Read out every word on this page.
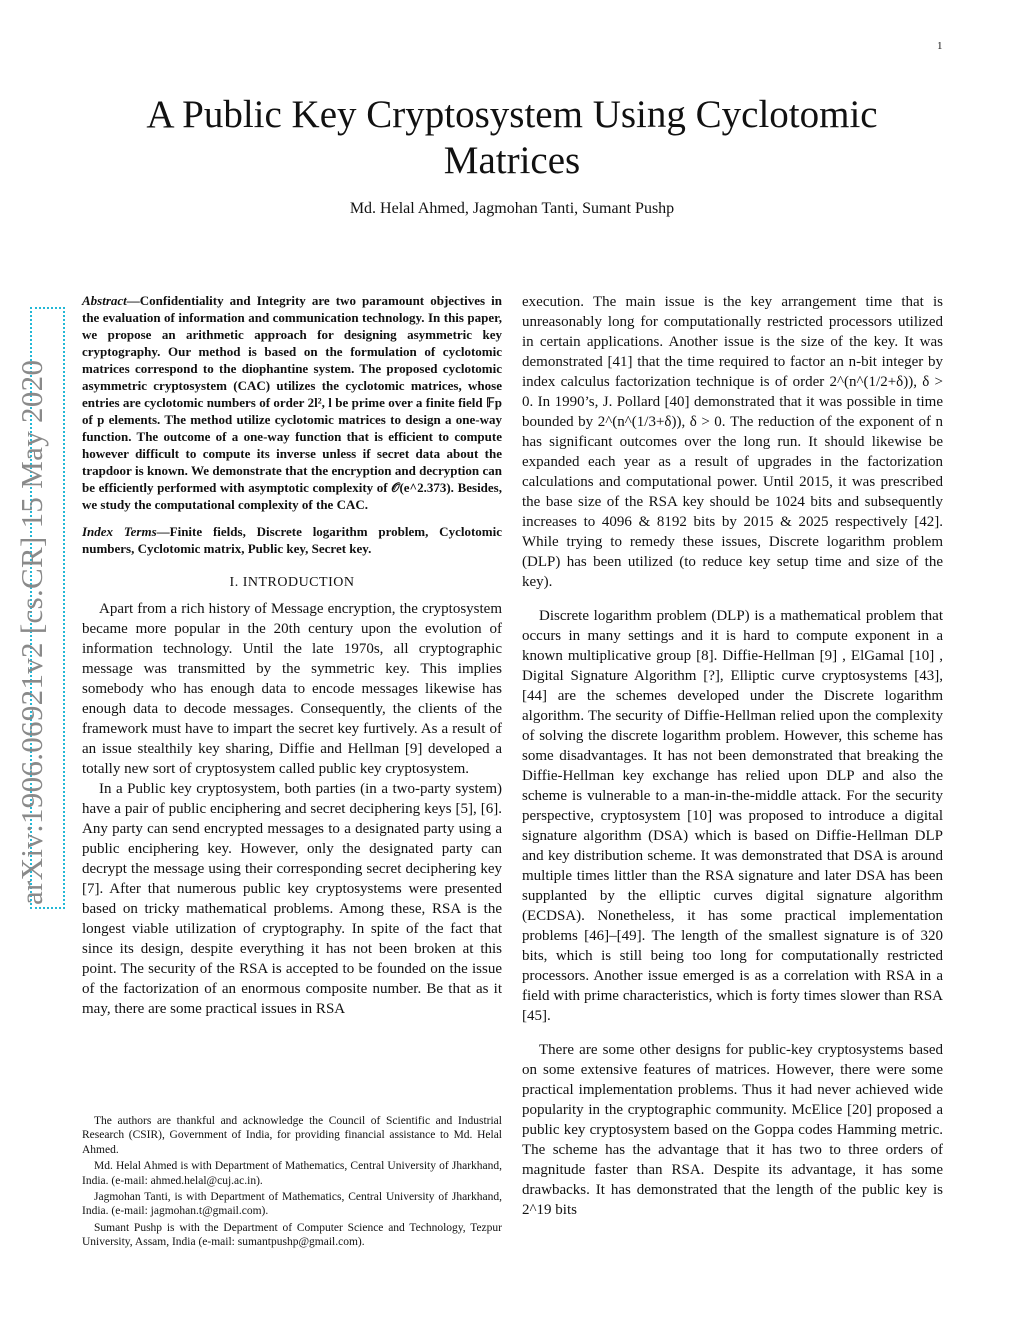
1
A Public Key Cryptosystem Using Cyclotomic Matrices
Md. Helal Ahmed, Jagmohan Tanti, Sumant Pushp
arXiv:1906.06921v2 [cs.CR] 15 May 2020
Abstract—Confidentiality and Integrity are two paramount objectives in the evaluation of information and communication technology. In this paper, we propose an arithmetic approach for designing asymmetric key cryptography. Our method is based on the formulation of cyclotomic matrices correspond to the diophantine system. The proposed cyclotomic asymmetric cryptosystem (CAC) utilizes the cyclotomic matrices, whose entries are cyclotomic numbers of order 2l², l be prime over a finite field 𝔽p of p elements. The method utilize cyclotomic matrices to design a one-way function. The outcome of a one-way function that is efficient to compute however difficult to compute its inverse unless if secret data about the trapdoor is known. We demonstrate that the encryption and decryption can be efficiently performed with asymptotic complexity of 𝒪(e^2.373). Besides, we study the computational complexity of the CAC.
Index Terms—Finite fields, Discrete logarithm problem, Cyclotomic numbers, Cyclotomic matrix, Public key, Secret key.
I. INTRODUCTION

Apart from a rich history of Message encryption, the cryptosystem became more popular in the 20th century upon the evolution of information technology. Until the late 1970s, all cryptographic message was transmitted by the symmetric key. This implies somebody who has enough data to encode messages likewise has enough data to decode messages. Consequently, the clients of the framework must have to impart the secret key furtively. As a result of an issue stealthily key sharing, Diffie and Hellman [9] developed a totally new sort of cryptosystem called public key cryptosystem.

In a Public key cryptosystem, both parties (in a two-party system) have a pair of public enciphering and secret deciphering keys [5], [6]. Any party can send encrypted messages to a designated party using a public enciphering key. However, only the designated party can decrypt the message using their corresponding secret deciphering key [7]. After that numerous public key cryptosystems were presented based on tricky mathematical problems. Among these, RSA is the longest viable utilization of cryptography. In spite of the fact that since its design, despite everything it has not been broken at this point. The security of the RSA is accepted to be founded on the issue of the factorization of an enormous composite number. Be that as it may, there are some practical issues in RSA

The authors are thankful and acknowledge the Council of Scientific and Industrial Research (CSIR), Government of India, for providing financial assistance to Md. Helal Ahmed.

Md. Helal Ahmed is with Department of Mathematics, Central University of Jharkhand, India. (e-mail: ahmed.helal@cuj.ac.in).

Jagmohan Tanti, is with Department of Mathematics, Central University of Jharkhand, India. (e-mail: jagmohan.t@gmail.com).

Sumant Pushp is with the Department of Computer Science and Technology, Tezpur University, Assam, India (e-mail: sumantpushp@gmail.com).

execution. The main issue is the key arrangement time that is unreasonably long for computationally restricted processors utilized in certain applications. Another issue is the size of the key. It was demonstrated [41] that the time required to factor an n-bit integer by index calculus factorization technique is of order 2^(n^(1/2+δ)), δ > 0. In 1990’s, J. Pollard [40] demonstrated that it was possible in time bounded by 2^(n^(1/3+δ)), δ > 0. The reduction of the exponent of n has significant outcomes over the long run. It should likewise be expanded each year as a result of upgrades in the factorization calculations and computational power. Until 2015, it was prescribed the base size of the RSA key should be 1024 bits and subsequently increases to 4096 & 8192 bits by 2015 & 2025 respectively [42]. While trying to remedy these issues, Discrete logarithm problem (DLP) has been utilized (to reduce key setup time and size of the key).

Discrete logarithm problem (DLP) is a mathematical problem that occurs in many settings and it is hard to compute exponent in a known multiplicative group [8]. Diffie-Hellman [9] , ElGamal [10] , Digital Signature Algorithm [?], Elliptic curve cryptosystems [43], [44] are the schemes developed under the Discrete logarithm algorithm. The security of Diffie-Hellman relied upon the complexity of solving the discrete logarithm problem. However, this scheme has some disadvantages. It has not been demonstrated that breaking the Diffie-Hellman key exchange has relied upon DLP and also the scheme is vulnerable to a man-in-the-middle attack. For the security perspective, cryptosystem [10] was proposed to introduce a digital signature algorithm (DSA) which is based on Diffie-Hellman DLP and key distribution scheme. It was demonstrated that DSA is around multiple times littler than the RSA signature and later DSA has been supplanted by the elliptic curves digital signature algorithm (ECDSA). Nonetheless, it has some practical implementation problems [46]–[49]. The length of the smallest signature is of 320 bits, which is still being too long for computationally restricted processors. Another issue emerged is as a correlation with RSA in a field with prime characteristics, which is forty times slower than RSA [45].

There are some other designs for public-key cryptosystems based on some extensive features of matrices. However, there were some practical implementation problems. Thus it had never achieved wide popularity in the cryptographic community. McElice [20] proposed a public key cryptosystem based on the Goppa codes Hamming metric. The scheme has the advantage that it has two to three orders of magnitude faster than RSA. Despite its advantage, it has some drawbacks. It has demonstrated that the length of the public key is 2^19 bits
